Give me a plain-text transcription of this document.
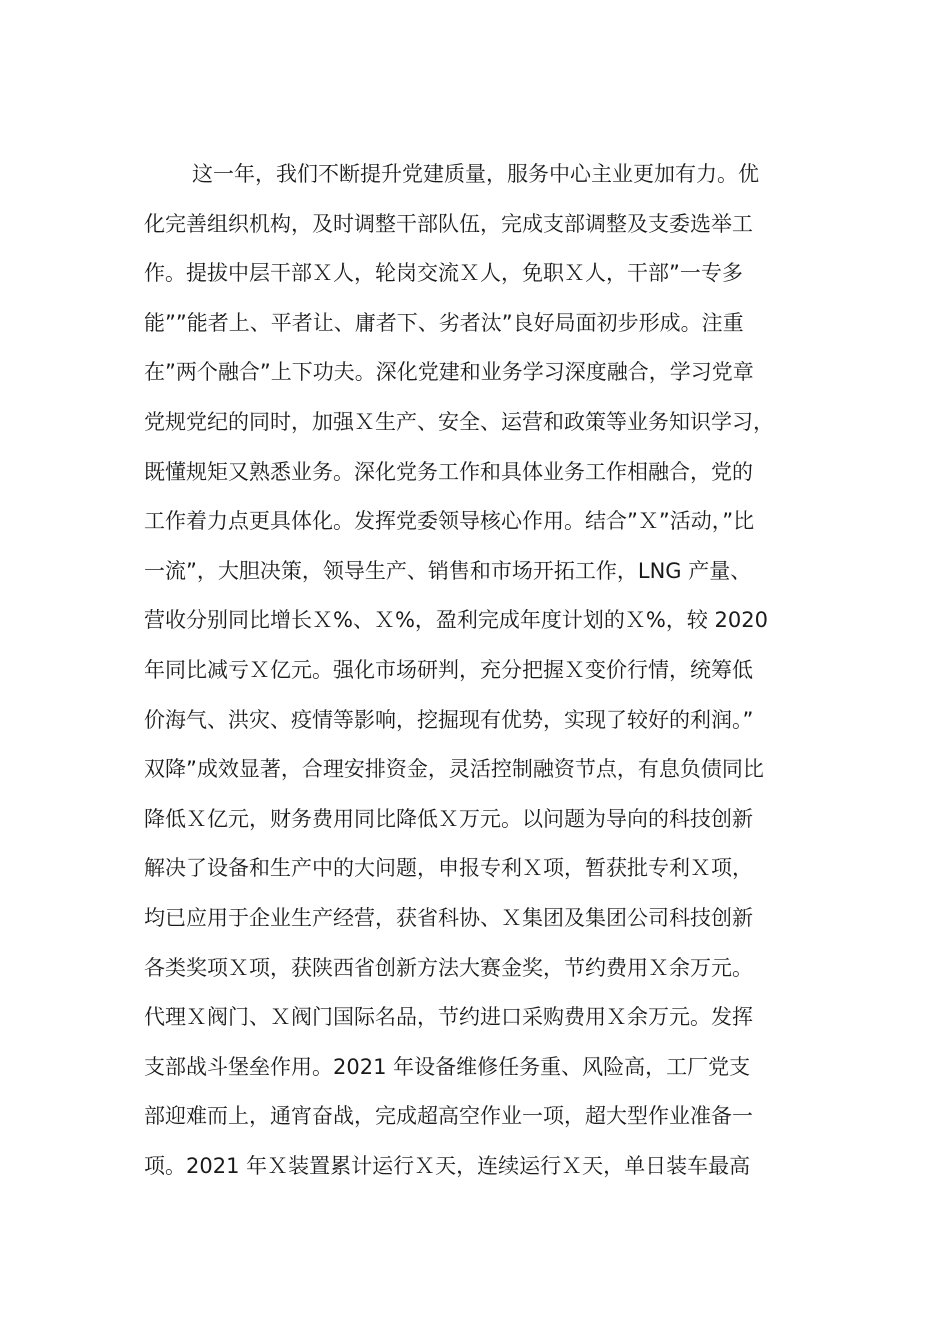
这一年，我们不断提升党建质量，服务中心主业更加有力。优
化完善组织机构，及时调整干部队伍，完成支部调整及支委选举工
作。提拔中层干部Ｘ人，轮岗交流Ｘ人，免职Ｘ人，干部”一专多
能””能者上、平者让、庸者下、劣者汰”良好局面初步形成。注重
在”两个融合”上下功夫。深化党建和业务学习深度融合，学习党章
党规党纪的同时，加强Ｘ生产、安全、运营和政策等业务知识学习，
既懂规矩又熟悉业务。深化党务工作和具体业务工作相融合，党的
工作着力点更具体化。发挥党委领导核心作用。结合”Ｘ”活动，”比
一流”，大胆决策，领导生产、销售和市场开拓工作，LNG 产量、
营收分别同比增长Ｘ%、Ｘ%，盈利完成年度计划的Ｘ%，较 2020
年同比减亏Ｘ亿元。强化市场研判，充分把握Ｘ变价行情，统筹低
价海气、洪灾、疫情等影响，挖掘现有优势，实现了较好的利润。”
双降”成效显著，合理安排资金，灵活控制融资节点，有息负债同比
降低Ｘ亿元，财务费用同比降低Ｘ万元。以问题为导向的科技创新
解决了设备和生产中的大问题，申报专利Ｘ项，暂获批专利Ｘ项，
均已应用于企业生产经营，获省科协、Ｘ集团及集团公司科技创新
各类奖项Ｘ项，获陕西省创新方法大赛金奖，节约费用Ｘ余万元。
代理Ｘ阀门、Ｘ阀门国际名品，节约进口采购费用Ｘ余万元。发挥
支部战斗堡垒作用。2021 年设备维修任务重、风险高，工厂党支
部迎难而上，通宵奋战，完成超高空作业一项，超大型作业准备一
项。2021 年Ｘ装置累计运行Ｘ天，连续运行Ｘ天，单日装车最高
